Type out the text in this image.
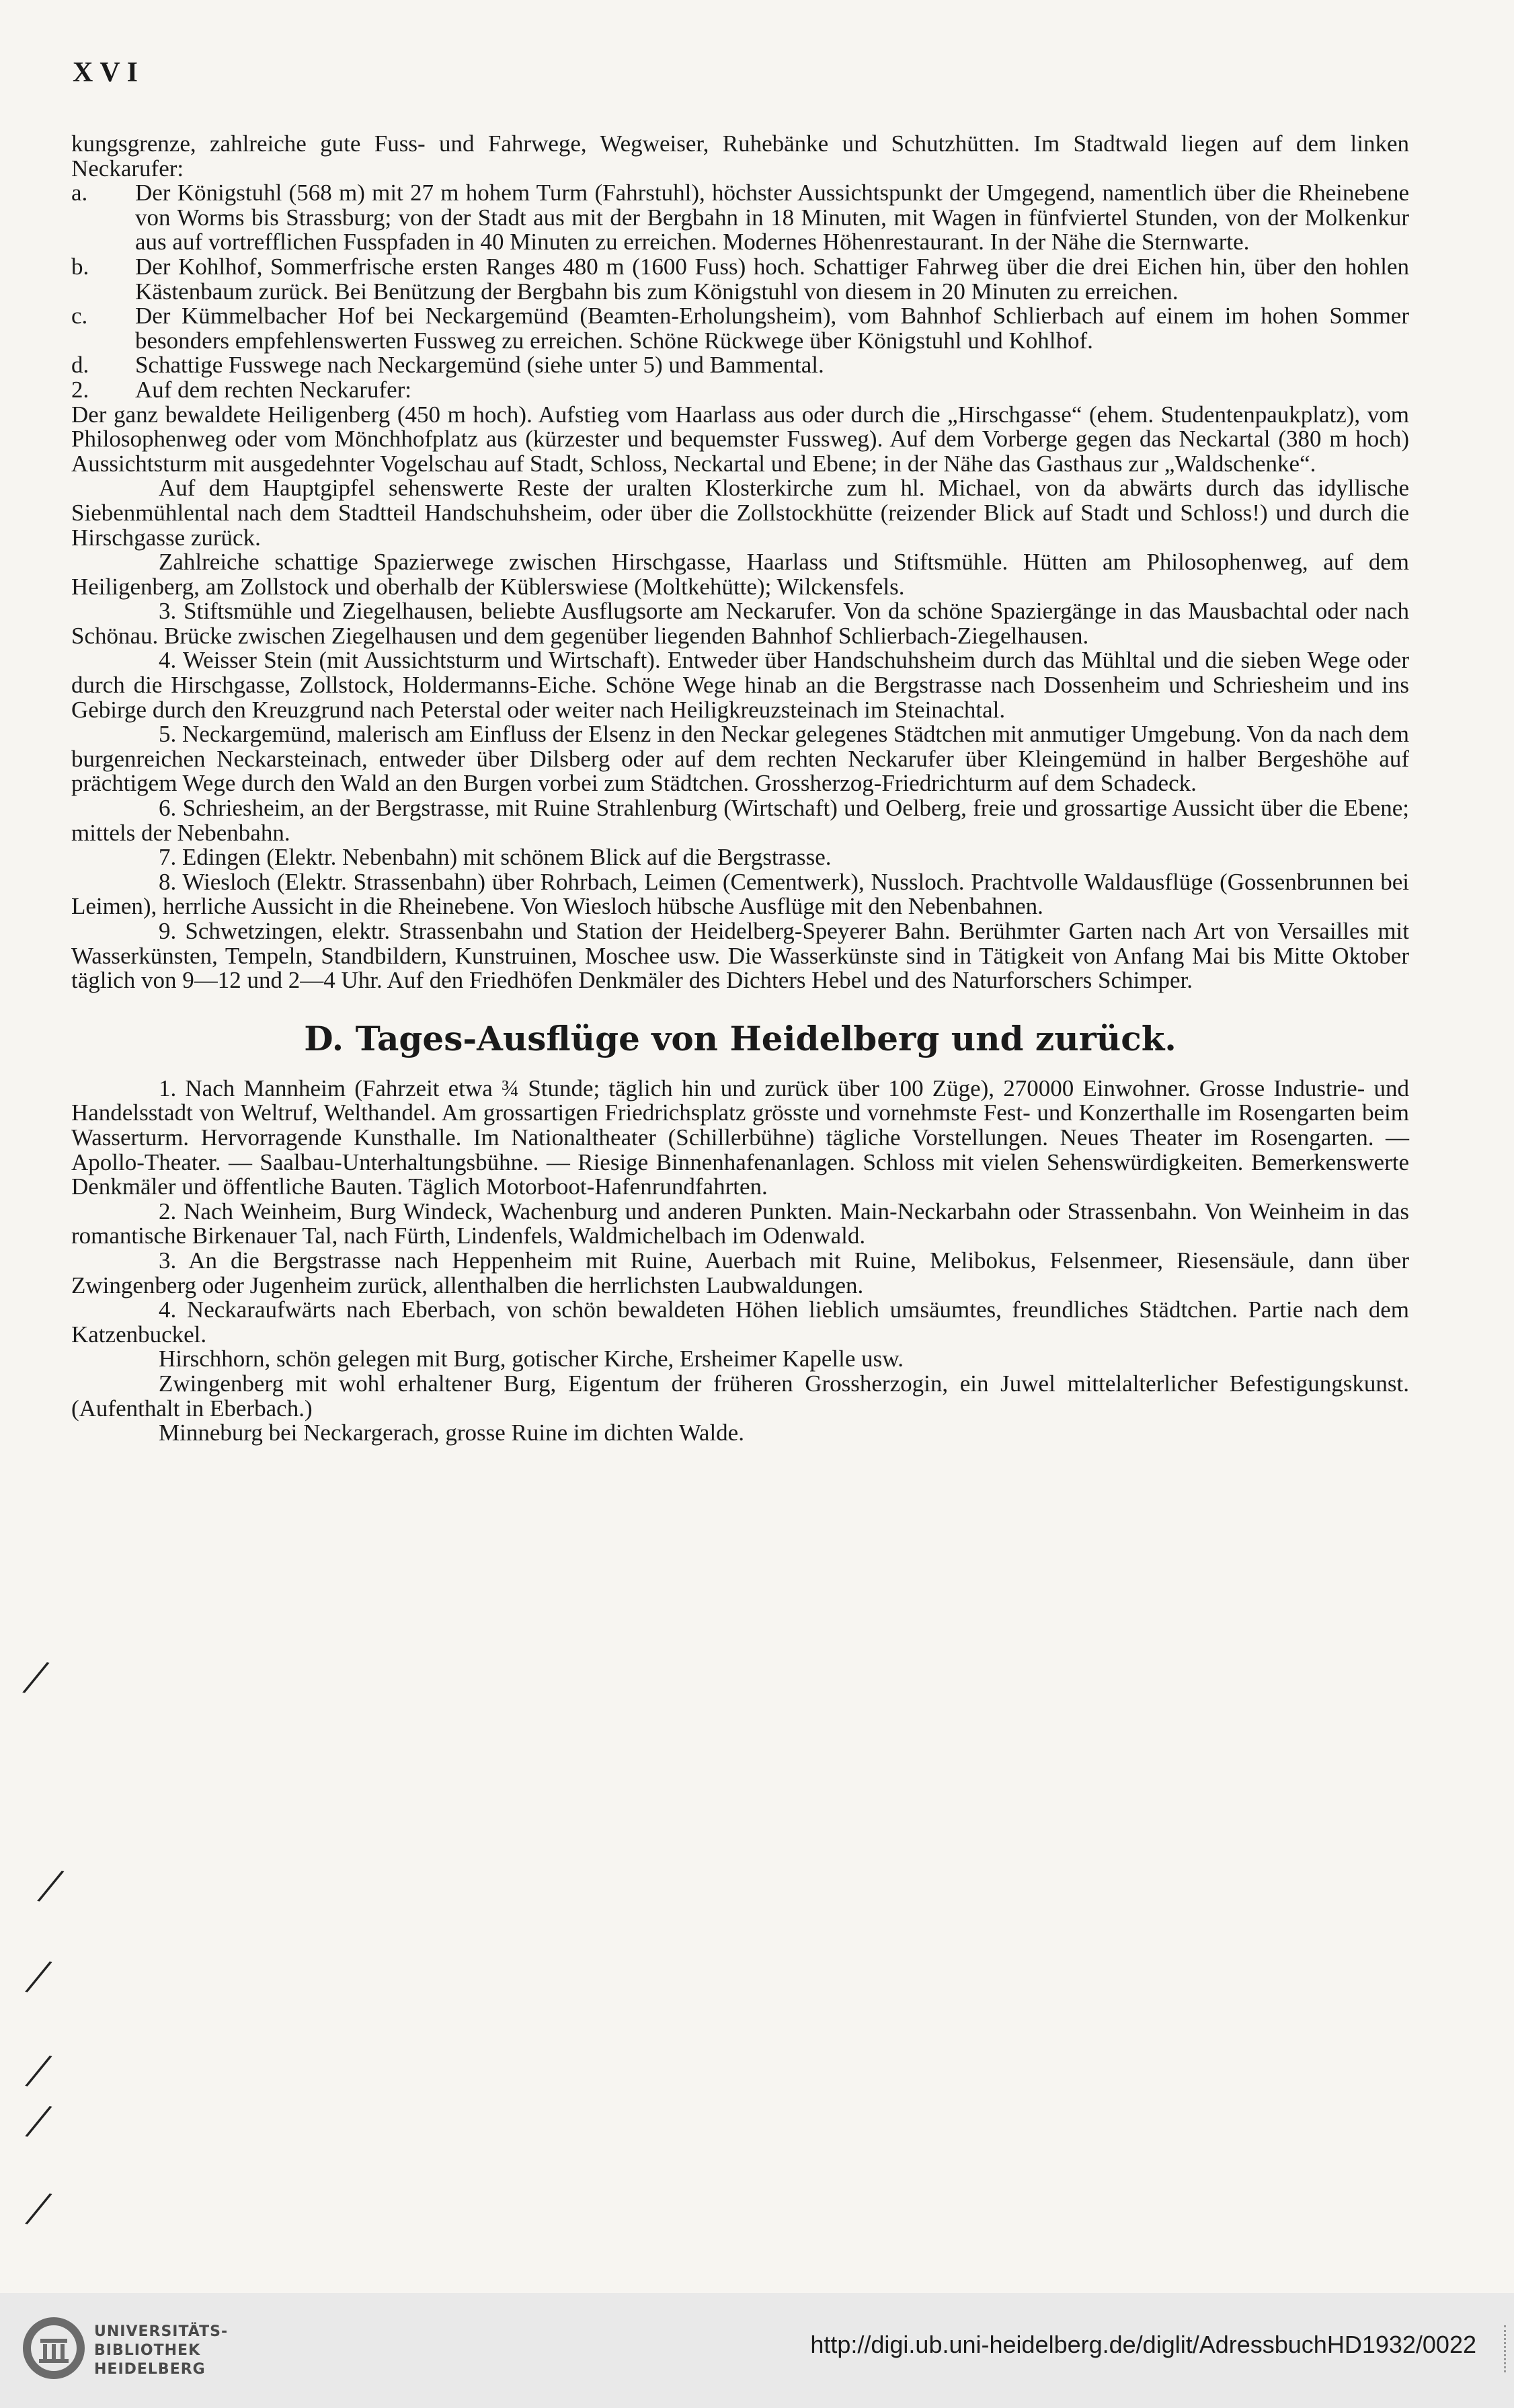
XVI

kungsgrenze, zahlreiche gute Fuss- und Fahrwege, Wegweiser, Ruhebänke und Schutzhütten. Im Stadtwald liegen auf dem linken Neckarufer:

a. Der Königstuhl (568 m) mit 27 m hohem Turm (Fahrstuhl), höchster Aussichtspunkt der Umgegend, namentlich über die Rheinebene von Worms bis Strassburg; von der Stadt aus mit der Bergbahn in 18 Minuten, mit Wagen in fünfviertel Stunden, von der Molkenkur aus auf vortrefflichen Fusspfaden in 40 Minuten zu erreichen. Modernes Höhenrestaurant. In der Nähe die Sternwarte.

b. Der Kohlhof, Sommerfrische ersten Ranges 480 m (1600 Fuss) hoch. Schattiger Fahrweg über die drei Eichen hin, über den hohlen Kästenbaum zurück. Bei Benützung der Bergbahn bis zum Königstuhl von diesem in 20 Minuten zu erreichen.

c. Der Kümmelbacher Hof bei Neckargemünd (Beamten-Erholungsheim), vom Bahnhof Schlierbach auf einem im hohen Sommer besonders empfehlenswerten Fussweg zu erreichen. Schöne Rückwege über Königstuhl und Kohlhof.

d. Schattige Fusswege nach Neckargemünd (siehe unter 5) und Bammental.

2. Auf dem rechten Neckarufer:

Der ganz bewaldete Heiligenberg (450 m hoch). Aufstieg vom Haarlass aus oder durch die „Hirschgasse“ (ehem. Studentenpaukplatz), vom Philosophenweg oder vom Mönchhofplatz aus (kürzester und bequemster Fussweg). Auf dem Vorberge gegen das Neckartal (380 m hoch) Aussichtsturm mit ausgedehnter Vogelschau auf Stadt, Schloss, Neckartal und Ebene; in der Nähe das Gasthaus zur „Waldschenke“.

Auf dem Hauptgipfel sehenswerte Reste der uralten Klosterkirche zum hl. Michael, von da abwärts durch das idyllische Siebenmühlental nach dem Stadtteil Handschuhsheim, oder über die Zollstockhütte (reizender Blick auf Stadt und Schloss!) und durch die Hirschgasse zurück.

Zahlreiche schattige Spazierwege zwischen Hirschgasse, Haarlass und Stiftsmühle. Hütten am Philosophenweg, auf dem Heiligenberg, am Zollstock und oberhalb der Küblerswiese (Moltkehütte); Wilckensfels.

3. Stiftsmühle und Ziegelhausen, beliebte Ausflugsorte am Neckarufer. Von da schöne Spaziergänge in das Mausbachtal oder nach Schönau. Brücke zwischen Ziegelhausen und dem gegenüber liegenden Bahnhof Schlierbach-Ziegelhausen.

4. Weisser Stein (mit Aussichtsturm und Wirtschaft). Entweder über Handschuhsheim durch das Mühltal und die sieben Wege oder durch die Hirschgasse, Zollstock, Holdermanns-Eiche. Schöne Wege hinab an die Bergstrasse nach Dossenheim und Schriesheim und ins Gebirge durch den Kreuzgrund nach Peterstal oder weiter nach Heiligkreuzsteinach im Steinachtal.

5. Neckargemünd, malerisch am Einfluss der Elsenz in den Neckar gelegenes Städtchen mit anmutiger Umgebung. Von da nach dem burgenreichen Neckarsteinach, entweder über Dilsberg oder auf dem rechten Neckarufer über Kleingemünd in halber Bergeshöhe auf prächtigem Wege durch den Wald an den Burgen vorbei zum Städtchen. Grossherzog-Friedrichturm auf dem Schadeck.

6. Schriesheim, an der Bergstrasse, mit Ruine Strahlenburg (Wirtschaft) und Oelberg, freie und grossartige Aussicht über die Ebene; mittels der Nebenbahn.

7. Edingen (Elektr. Nebenbahn) mit schönem Blick auf die Bergstrasse.

8. Wiesloch (Elektr. Strassenbahn) über Rohrbach, Leimen (Cementwerk), Nussloch. Prachtvolle Waldausflüge (Gossenbrunnen bei Leimen), herrliche Aussicht in die Rheinebene. Von Wiesloch hübsche Ausflüge mit den Nebenbahnen.

9. Schwetzingen, elektr. Strassenbahn und Station der Heidelberg-Speyerer Bahn. Berühmter Garten nach Art von Versailles mit Wasserkünsten, Tempeln, Standbildern, Kunstruinen, Moschee usw. Die Wasserkünste sind in Tätigkeit von Anfang Mai bis Mitte Oktober täglich von 9—12 und 2—4 Uhr. Auf den Friedhöfen Denkmäler des Dichters Hebel und des Naturforschers Schimper.

D. Tages-Ausflüge von Heidelberg und zurück.

1. Nach Mannheim (Fahrzeit etwa ¾ Stunde; täglich hin und zurück über 100 Züge), 270000 Einwohner. Grosse Industrie- und Handelsstadt von Weltruf, Welthandel. Am grossartigen Friedrichsplatz grösste und vornehmste Fest- und Konzerthalle im Rosengarten beim Wasserturm. Hervorragende Kunsthalle. Im Nationaltheater (Schillerbühne) tägliche Vorstellungen. Neues Theater im Rosengarten. — Apollo-Theater. — Saalbau-Unterhaltungsbühne. — Riesige Binnenhafenanlagen. Schloss mit vielen Sehenswürdigkeiten. Bemerkenswerte Denkmäler und öffentliche Bauten. Täglich Motorboot-Hafenrundfahrten.

2. Nach Weinheim, Burg Windeck, Wachenburg und anderen Punkten. Main-Neckarbahn oder Strassenbahn. Von Weinheim in das romantische Birkenauer Tal, nach Fürth, Lindenfels, Waldmichelbach im Odenwald.

3. An die Bergstrasse nach Heppenheim mit Ruine, Auerbach mit Ruine, Melibokus, Felsenmeer, Riesensäule, dann über Zwingenberg oder Jugenheim zurück, allenthalben die herrlichsten Laubwaldungen.

4. Neckaraufwärts nach Eberbach, von schön bewaldeten Höhen lieblich umsäumtes, freundliches Städtchen. Partie nach dem Katzenbuckel.

Hirschhorn, schön gelegen mit Burg, gotischer Kirche, Ersheimer Kapelle usw.

Zwingenberg mit wohl erhaltener Burg, Eigentum der früheren Grossherzogin, ein Juwel mittelalterlicher Befestigungskunst. (Aufenthalt in Eberbach.)

Minneburg bei Neckargerach, grosse Ruine im dichten Walde.

╱
╱
╱
╱
╱
╱
UNIVERSITÄTS-
BIBLIOTHEK
HEIDELBERG
http://digi.ub.uni-heidelberg.de/diglit/AdressbuchHD1932/0022
